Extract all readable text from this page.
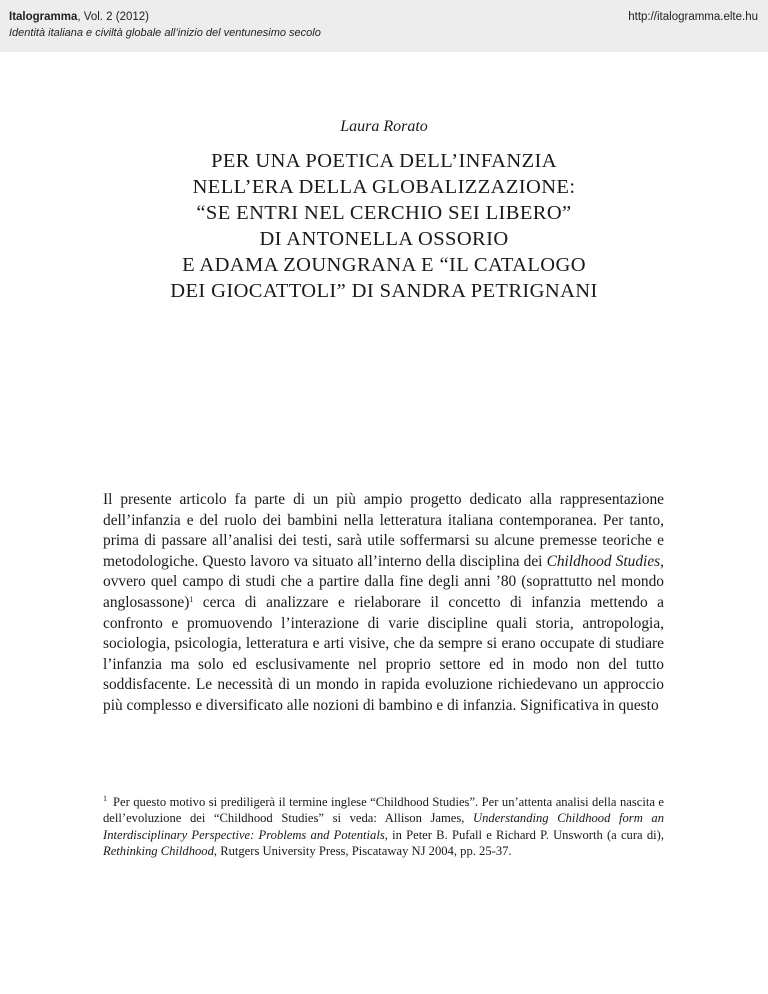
Italogramma, Vol. 2 (2012)
Identità italiana e civiltà globale all’inizio del ventunesimo secolo
http://italogramma.elte.hu
Laura Rorato
PER UNA POETICA DELL’INFANZIA
NELL’ERA DELLA GLOBALIZZAZIONE:
“SE ENTRI NEL CERCHIO SEI LIBERO”
DI ANTONELLA OSSORIO
E ADAMA ZOUNGRANA E “IL CATALOGO
DEI GIOCATTOLI” DI SANDRA PETRIGNANI

Il presente articolo fa parte di un più ampio progetto dedicato alla rappresentazione dell’infanzia e del ruolo dei bambini nella letteratura italiana contemporanea. Per tanto, prima di passare all’analisi dei testi, sarà utile soffermarsi su alcune premesse teoriche e metodologiche. Questo lavoro va situato all’interno della disciplina dei Childhood Studies, ovvero quel campo di studi che a partire dalla fine degli anni ’80 (soprattutto nel mondo anglosassone)$^1$ cerca di analizzare e rielaborare il concetto di infanzia mettendo a confronto e promuovendo l’interazione di varie discipline quali storia, antropologia, sociologia, psicologia, letteratura e arti visive, che da sempre si erano occupate di studiare l’infanzia ma solo ed esclusivamente nel proprio settore ed in modo non del tutto soddisfacente. Le necessità di un mondo in rapida evoluzione richiedevano un approccio più complesso e diversificato alle nozioni di bambino e di infanzia. Significativa in questo

$^1$ Per questo motivo si prediligerà il termine inglese “Childhood Studies”. Per un’attenta analisi della nascita e dell’evoluzione dei “Childhood Studies” si veda: Allison James, Understanding Childhood form an Interdisciplinary Perspective: Problems and Potentials, in Peter B. Pufall e Richard P. Unsworth (a cura di), Rethinking Childhood, Rutgers University Press, Piscataway NJ 2004, pp. 25-37.
